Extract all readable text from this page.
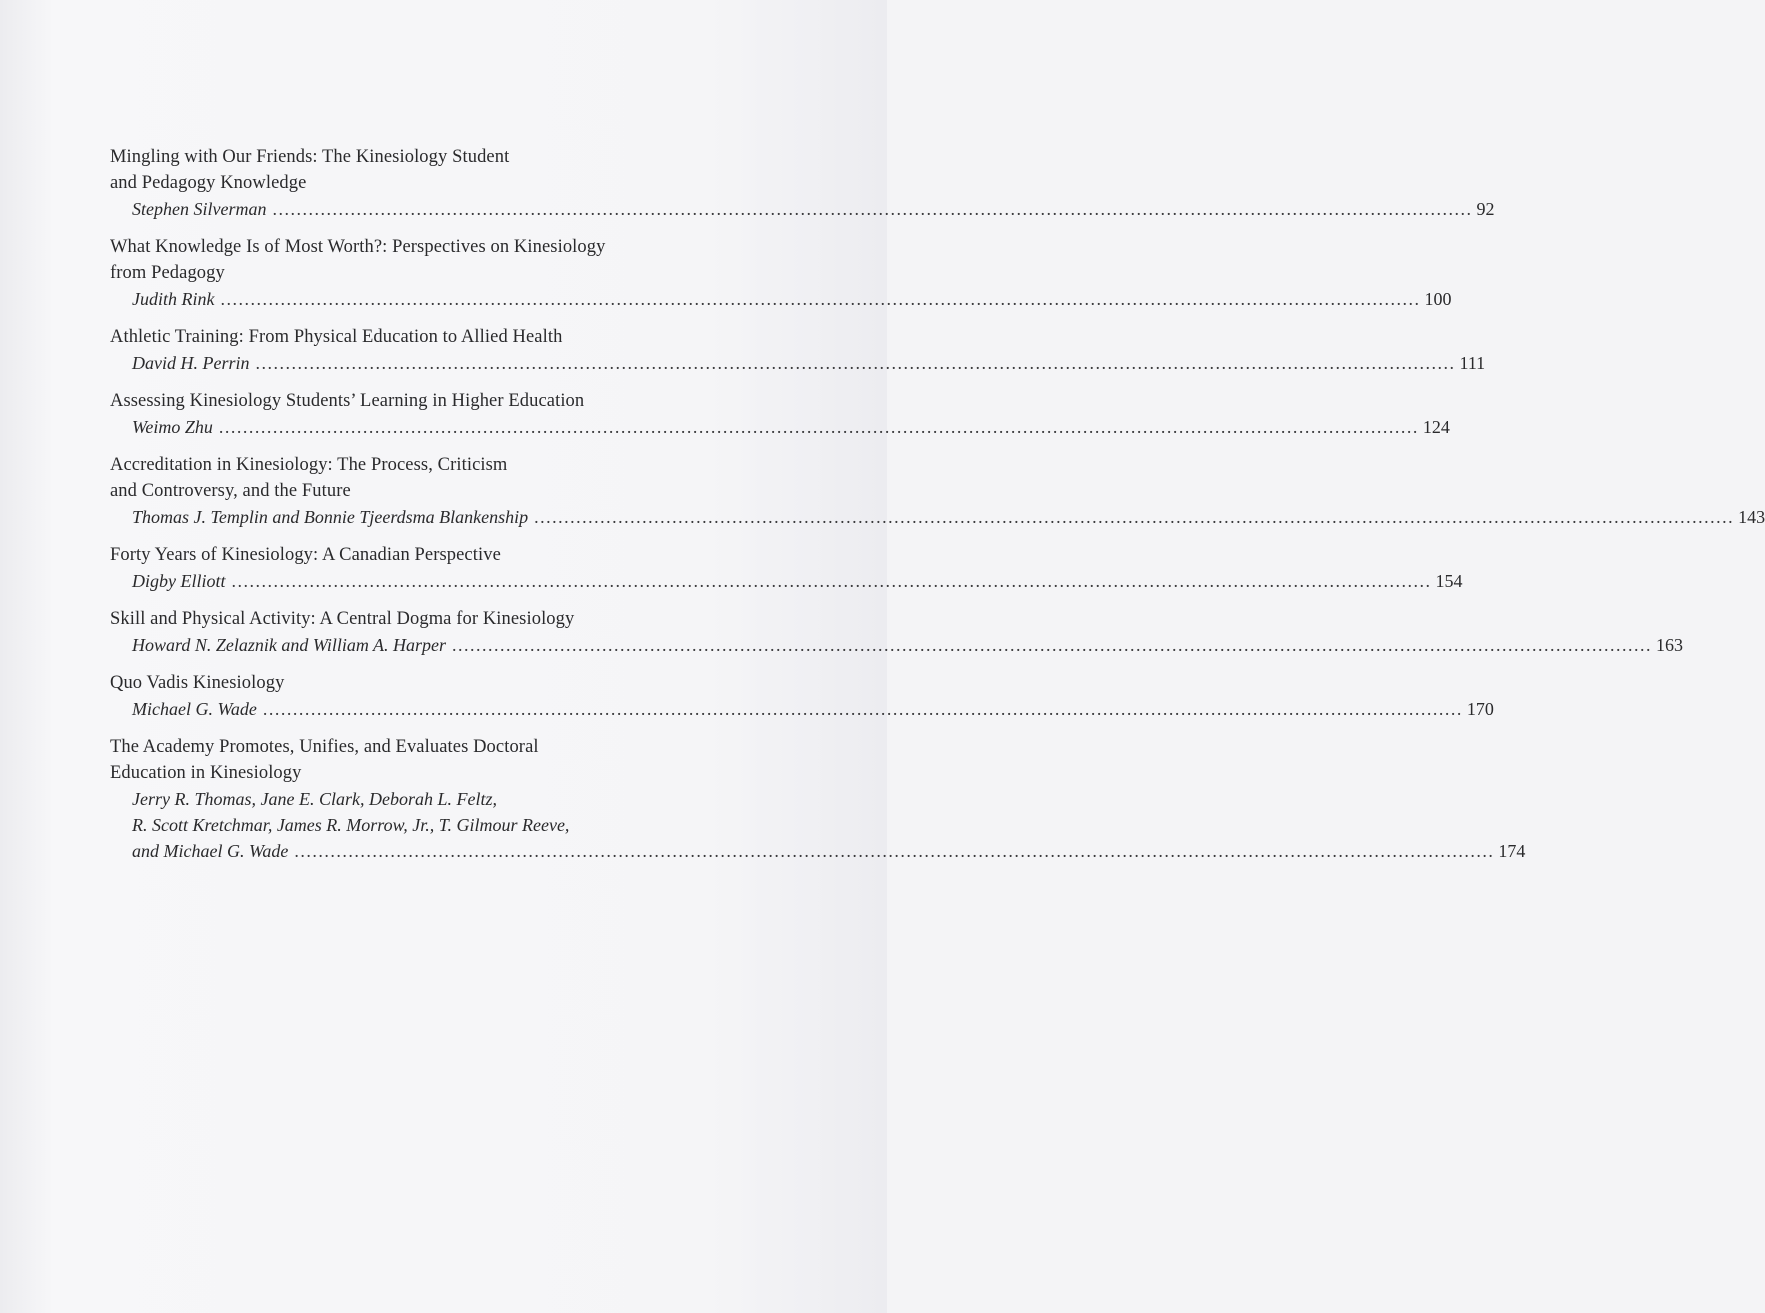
Mingling with Our Friends: The Kinesiology Student
and Pedagogy Knowledge
Stephen Silverman ........................................................................................................................................................................................................ 92
What Knowledge Is of Most Worth?: Perspectives on Kinesiology
from Pedagogy
Judith Rink ........................................................................................................................................................................................................ 100
Athletic Training: From Physical Education to Allied Health
David H. Perrin ........................................................................................................................................................................................................ 111
Assessing Kinesiology Students’ Learning in Higher Education
Weimo Zhu ........................................................................................................................................................................................................ 124
Accreditation in Kinesiology: The Process, Criticism
and Controversy, and the Future
Thomas J. Templin and Bonnie Tjeerdsma Blankenship ........................................................................................................................................................................................................ 143
Forty Years of Kinesiology: A Canadian Perspective
Digby Elliott ........................................................................................................................................................................................................ 154
Skill and Physical Activity: A Central Dogma for Kinesiology
Howard N. Zelaznik and William A. Harper ........................................................................................................................................................................................................ 163
Quo Vadis Kinesiology
Michael G. Wade ........................................................................................................................................................................................................ 170
The Academy Promotes, Unifies, and Evaluates Doctoral
Education in Kinesiology
Jerry R. Thomas, Jane E. Clark, Deborah L. Feltz,
R. Scott Kretchmar, James R. Morrow, Jr., T. Gilmour Reeve,
and Michael G. Wade ........................................................................................................................................................................................................ 174
